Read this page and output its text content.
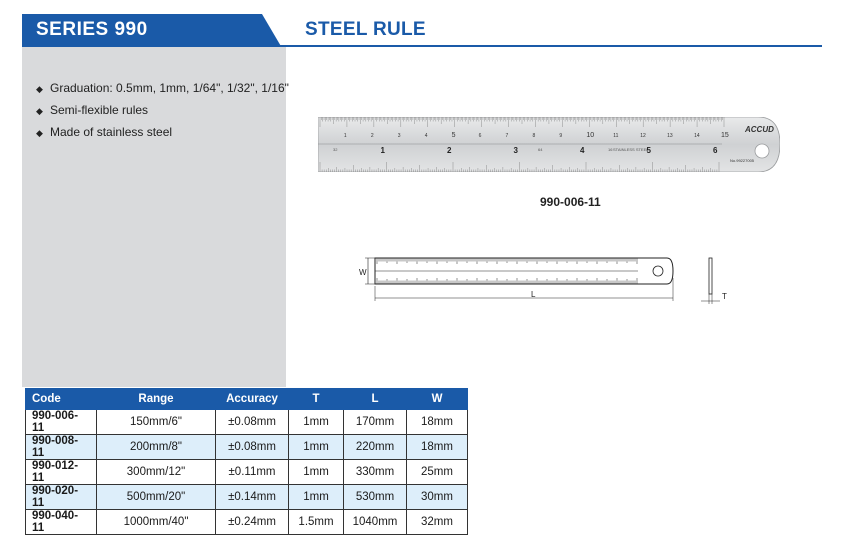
SERIES 990	STEEL RULE
◆ Graduation: 0.5mm, 1mm, 1/64", 1/32", 1/16"
◆ Semi-flexible rules
◆ Made of stainless steel	1	2	3	4	5	6	7	8	9	10	11	12	13	14	15
1	2	3	4	5	6
ACCUD
STAINLESS STEEL
No.99227005
32	64	16
990-006-11
W
L	T
Code	Range	Accuracy	T	L	W
990-006-11	150mm/6"	±0.08mm	1mm	170mm	18mm
990-008-11	200mm/8"	±0.08mm	1mm	220mm	18mm
990-012-11	300mm/12"	±0.11mm	1mm	330mm	25mm
990-020-11	500mm/20"	±0.14mm	1mm	530mm	30mm
990-040-11	1000mm/40"	±0.24mm	1.5mm	1040mm	32mm
